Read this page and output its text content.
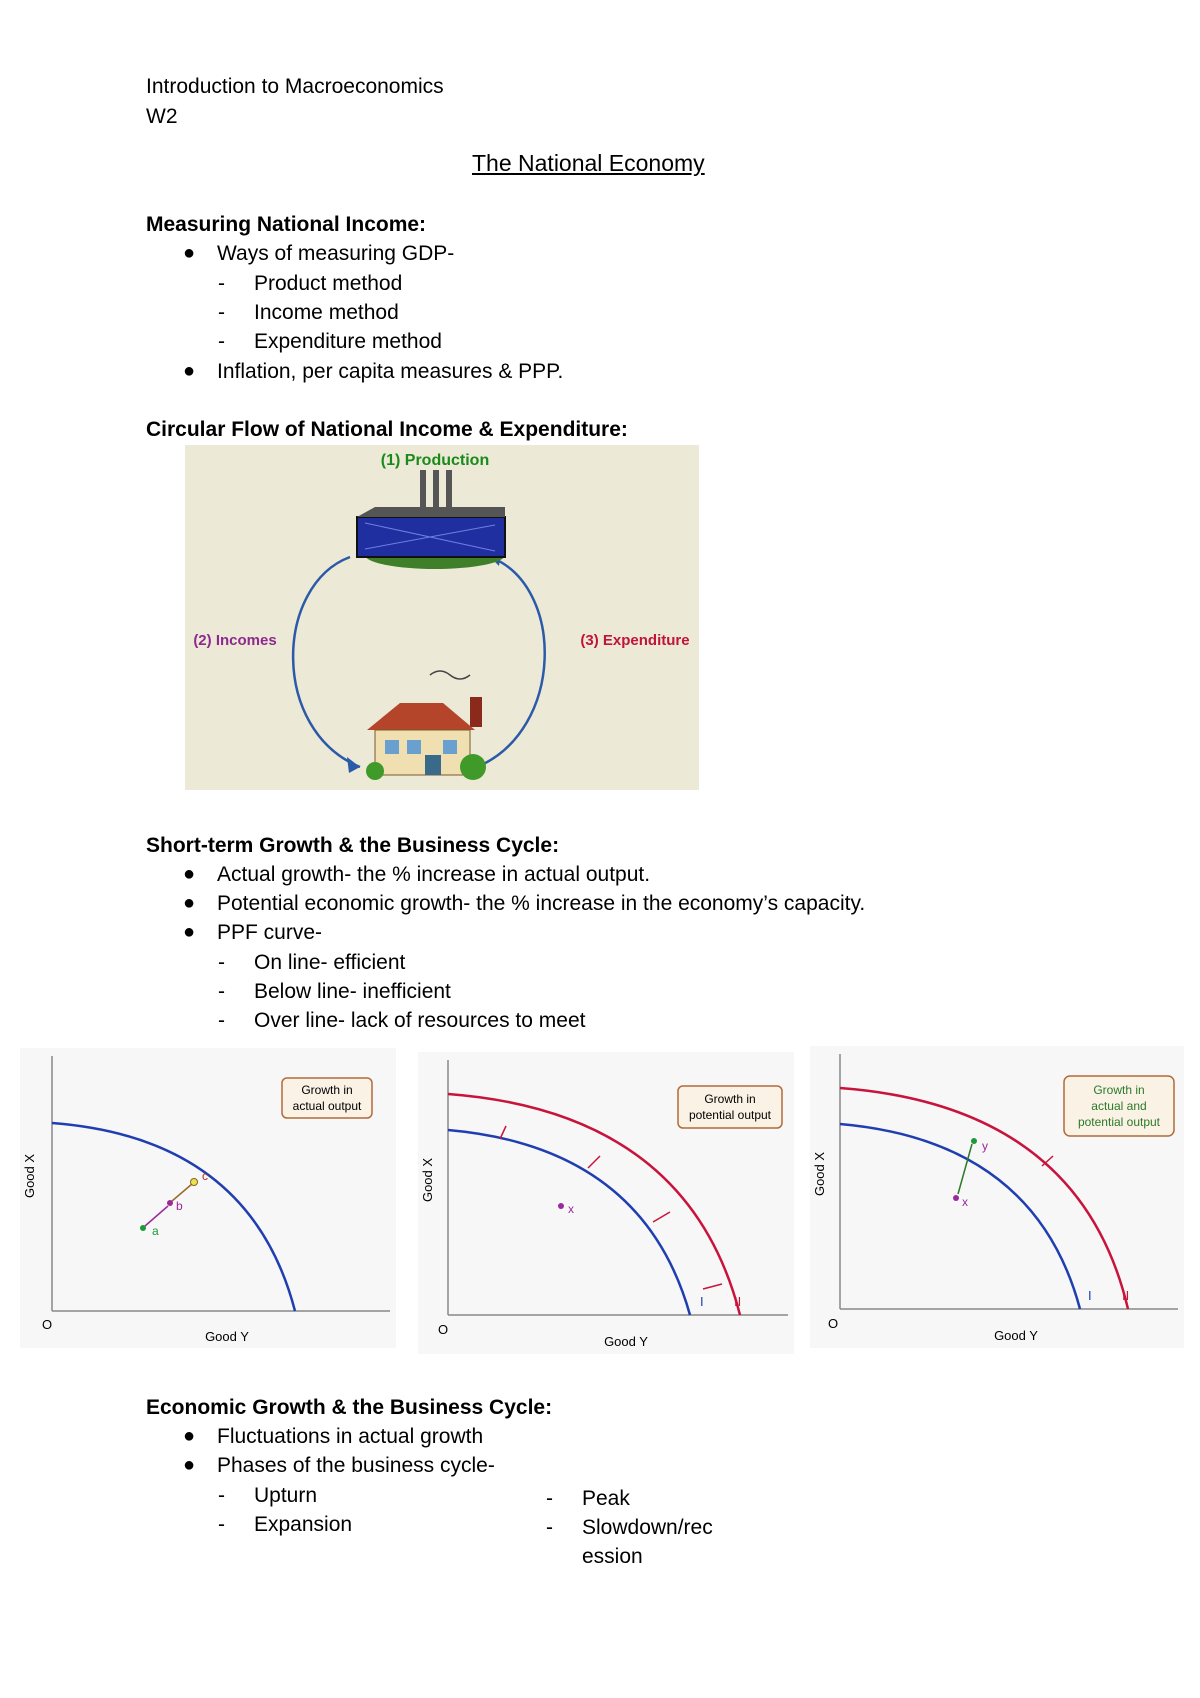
Introduction to Macroeconomics
W2
The National Economy
Measuring National Income:
● Ways of measuring GDP-
- Product method
- Income method
- Expenditure method
● Inflation, per capita measures & PPP.
Circular Flow of National Income & Expenditure:
(1) Production
(2) Incomes	(3) Expenditure
Short-term Growth & the Business Cycle:
● Actual growth- the % increase in actual output.
● Potential economic growth- the % increase in the economy’s capacity.
● PPF curve-
- On line- efficient
- Below line- inefficient
- Over line- lack of resources to meet
Good X
Good Y
O
a
b
c
Growth in
actual output
Good X
Good Y
O
x
I II
Growth in
potential output
Good X
Good Y
O
x
y
I II
Growth in
actual and
potential output
Economic Growth & the Business Cycle:
● Fluctuations in actual growth
● Phases of the business cycle-
- Upturn
- Expansion
- Peak
- Slowdown/rec
ession
